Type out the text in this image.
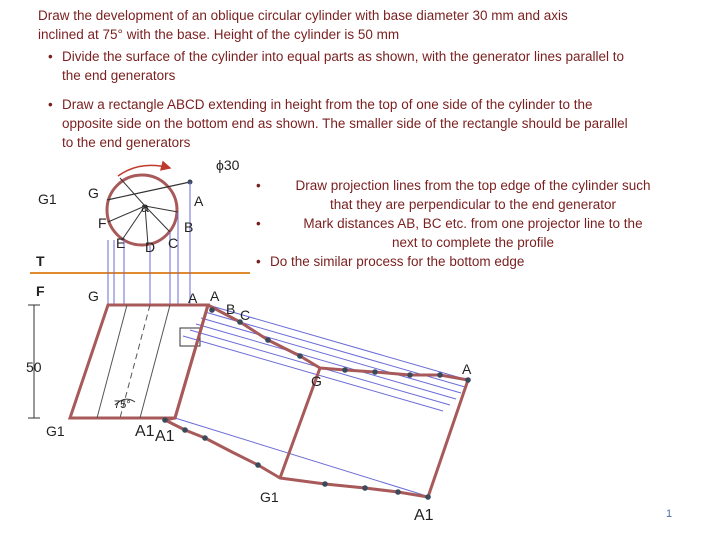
Draw the development of an oblique circular cylinder with base diameter 30 mm and axis
inclined at 75° with the base. Height of the cylinder is 50 mm
• Divide the surface of the cylinder into equal parts as shown, with the generator lines parallel to
the end generators
• Draw a rectangle ABCD extending in height from the top of one side of the cylinder to the
opposite side on the bottom end as shown. The smaller side of the rectangle should be parallel
to the end generators
• Draw projection lines from the top edge of the cylinder such
that they are perpendicular to the end generator
• Mark distances AB, BC etc. from one projector line to the
next to complete the profile
• Do the similar process for the bottom edge
ϕ30
G1 G
F
a	A
B
E D C
T
F	G	A A
B C
50
G
A
75°
G1	A1 A1
G1
A1	1
